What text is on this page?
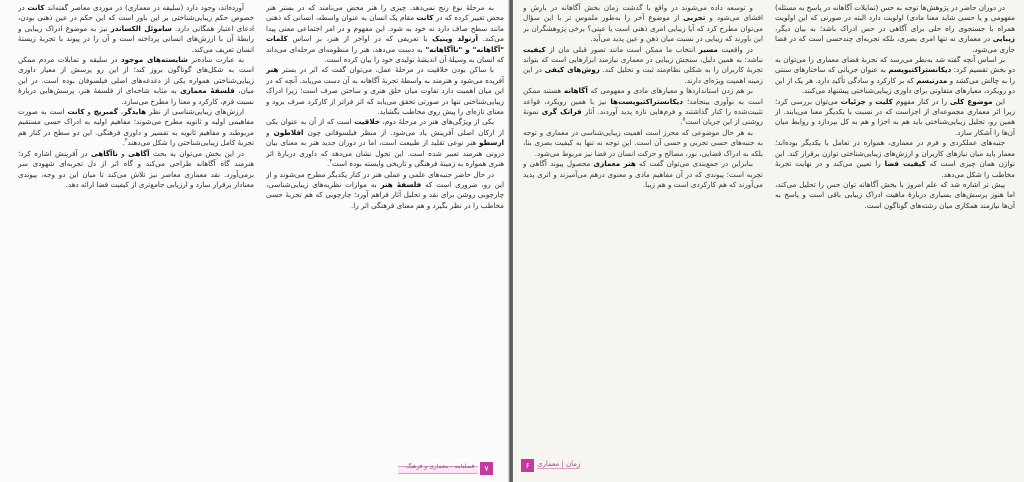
به مرحلهٔ نوع رنج نمی‌دهد. چیزی را هنر محض می‌نامند که در بستر هنر محض تغییر کرده که در کانت مقام یک انسان به عنوان واسطه، انسانی که ذهنی مانند سطح صاف دارد نه خود به شود. این مفهوم و در امر اجتماعی معنی پیدا می‌کند. آرنولد وینیک با تعریفی که در اواخر از هنر، بر اساس کلمات "آگاهانه" و "ناآگاهانه" به دست می‌دهد، هنر را منظومه‌ای مرحله‌ای می‌داند که انسان به وسیلهٔ آن اندیشهٔ تولیدی خود را بیان کرده است.

با ساکن بودن خلاقیت در مرحلهٔ عمل، می‌توان گفت که اثر در بستر هنر آفریده می‌شود و هنرمند به واسطهٔ تجربهٔ آگاهانه به آن دست می‌یابد. آنچه که در این میان اهمیت دارد تفاوت میان خلق هنری و ساختن صرف است؛ زیرا ادراک زیبایی‌شناختی تنها در صورتی تحقق می‌یابد که اثر فراتر از کارکرد صرف برود و معنای تازه‌ای را پیش روی مخاطب بگشاید.

یکی از ویژگی‌های هنر در مرحلهٔ دوم، خلاقیت است که از آن به عنوان یکی از ارکان اصلی آفرینش یاد می‌شود. از منظر فیلسوفانی چون افلاطون و ارسطو هنر نوعی تقلید از طبیعت است، اما در دوران جدید هنر به معنای بیان درونی هنرمند تعبیر شده است. این تحول نشان می‌دهد که داوری دربارهٔ اثر هنری همواره به زمینهٔ فرهنگی و تاریخی وابسته بوده است$^۳$.

در حال حاضر جنبه‌های علمی و عملی هنر در کنار یکدیگر مطرح می‌شوند و از این رو، ضروری است که فلسفهٔ هنر به موازات نظریه‌های زیبایی‌شناسی، چارچوبی روشن برای نقد و تحلیل آثار فراهم آورد؛ چارچوبی که هم تجربهٔ حسی مخاطب را در نظر بگیرد و هم معنای فرهنگی اثر را.

آورده‌اند، وجود دارد (سلیقه در معماری) در موردی معاصر گفته‌اند کانت در خصوص حکم زیبایی‌شناختی بر این باور است که این حکم در عین ذهنی بودن، ادعای اعتبار همگانی دارد. ساموئل الکساندر نیز به موضوع ادراک زیبایی و رابطهٔ آن با ارزش‌های انسانی پرداخته است و آن را در پیوند با تجربهٔ زیستهٔ انسان تعریف می‌کند.

به عبارت ساده‌تر شایسته‌های موجود در سلیقه و تمایلات مردم ممکن است به شکل‌های گوناگون بروز کند؛ از این رو پرسش از معیار داوری زیبایی‌شناختی همواره یکی از دغدغه‌های اصلی فیلسوفان بوده است. در این میان، فلسفهٔ معماری به مثابه شاخه‌ای از فلسفهٔ هنر، پرسش‌هایی دربارهٔ نسبت فرم، کارکرد و معنا را مطرح می‌سازد.

ارزش‌های زیبایی‌شناسی از نظر هایدگر، گمبریچ و کانت است به صورت مفاهیمی اولیه و ثانویه مطرح می‌شوند؛ مفاهیم اولیه به ادراک حسی مستقیم مربوطند و مفاهیم ثانویه به تفسیر و داوری فرهنگی. این دو سطح در کنار هم تجربهٔ کامل زیبایی‌شناختی را شکل می‌دهند$^۴$.

در این بخش می‌توان به بحث آگاهی و ناآگاهی در آفرینش اشاره کرد؛ هنرمند گاه آگاهانه طراحی می‌کند و گاه اثر از دل تجربه‌ای شهودی سر برمی‌آورد. نقد معماری معاصر نیز تلاش می‌کند تا میان این دو وجه، پیوندی معنادار برقرار سازد و ارزیابی جامع‌تری از کیفیت فضا ارائه دهد.

فصلنامه ‑ معماری و فرهنگ	۷

در دوران حاضر در پژوهش‌ها توجه به حس (تمایلات آگاهانه در پاسخ به مسئله) مفهومی و یا حسی شاید معنا مادی) اولویت دارد البته در صورتی که این اولویت همراه با جستجوی راه حلی برای آگاهی در حس ادراک باشد؛ به بیان دیگر، زیبایی در معماری نه تنها امری بصری، بلکه تجربه‌ای چندحسی است که در فضا جاری می‌شود.

بر اساس آنچه گفته شد به‌نظر می‌رسد که تجربهٔ فضای معماری را می‌توان به دو بخش تقسیم کرد: دیکانستراکتیویسم به عنوان جریانی که ساختارهای سنتی را به چالش می‌کشد و مدرنیسم که بر کارکرد و سادگی تأکید دارد. هر یک از این دو رویکرد، معیارهای متفاوتی برای داوری زیبایی‌شناختی پیشنهاد می‌کنند.

این موضوع کلی را در کنار مفهوم کلیت و جزئیات می‌توان بررسی کرد؛ زیرا اثر معماری مجموعه‌ای از اجزاست که در نسبت با یکدیگر معنا می‌یابند. از همین رو، تحلیل زیبایی‌شناختی باید هم به اجزا و هم به کل بپردازد و روابط میان آن‌ها را آشکار سازد.

جنبه‌های عملکردی و فرم در معماری، همواره در تعامل با یکدیگر بوده‌اند؛ معمار باید میان نیازهای کاربران و ارزش‌های زیبایی‌شناختی توازن برقرار کند. این توازن همان چیزی است که کیفیت فضا را تعیین می‌کند و در نهایت تجربهٔ مخاطب را شکل می‌دهد.

پیش تر اشاره شد که علم امروز با بخش آگاهانه توان حس را تحلیل می‌کند، اما هنوز پرسش‌های بسیاری دربارهٔ ماهیت ادراک زیبایی باقی است و پاسخ به آن‌ها نیازمند همکاری میان رشته‌های گوناگون است.

و توسعه داده می‌شوند در واقع با گذشت زمان بخش آگاهانه در بارش و افشای می‌شود و تجربی از موضوع آخر را به‌طور ملموس تر با این سؤال می‌توان مطرح کرد که آیا زیبایی امری ذهنی است یا عینی؟ برخی پژوهشگران بر این باورند که زیبایی در نسبت میان ذهن و عین پدید می‌آید.

در واقعیت مسیر انتخاب ما ممکن است مانند تصور قبلی مان از کیفیت نباشد؛ به همین دلیل، سنجش زیبایی در معماری نیازمند ابزارهایی است که بتواند تجربهٔ کاربران را به شکلی نظام‌مند ثبت و تحلیل کند. روش‌های کیفی در این زمینه اهمیت ویژه‌ای دارند.

بر هم زدن استانداردها و معیارهای مادی و مفهومی که آگاهانه هستند ممکن است به نوآوری بینجامد؛ دیکانستراکتیویست‌ها نیز با همین رویکرد، قواعد تثبیت‌شده را کنار گذاشتند و فرم‌هایی تازه پدید آوردند. آثار فرانک گری نمونهٔ روشنی از این جریان است$^۵$.

به هر حال موضوعی که محرز است اهمیت زیبایی‌شناسی در معماری و توجه به جنبه‌های حسی تجربی و حسی آن است. این توجه نه تنها به کیفیت بصری بنا، بلکه به ادراک فضایی، نور، مصالح و حرکت انسان در فضا نیز مربوط می‌شود.

بنابراین در جمع‌بندی می‌توان گفت که هنر معماری محصول پیوند آگاهی و تجربه است؛ پیوندی که در آن مفاهیم مادی و معنوی درهم می‌آمیزند و اثری پدید می‌آورند که هم کارکردی است و هم زیبا.

۶	زمان | معماری
